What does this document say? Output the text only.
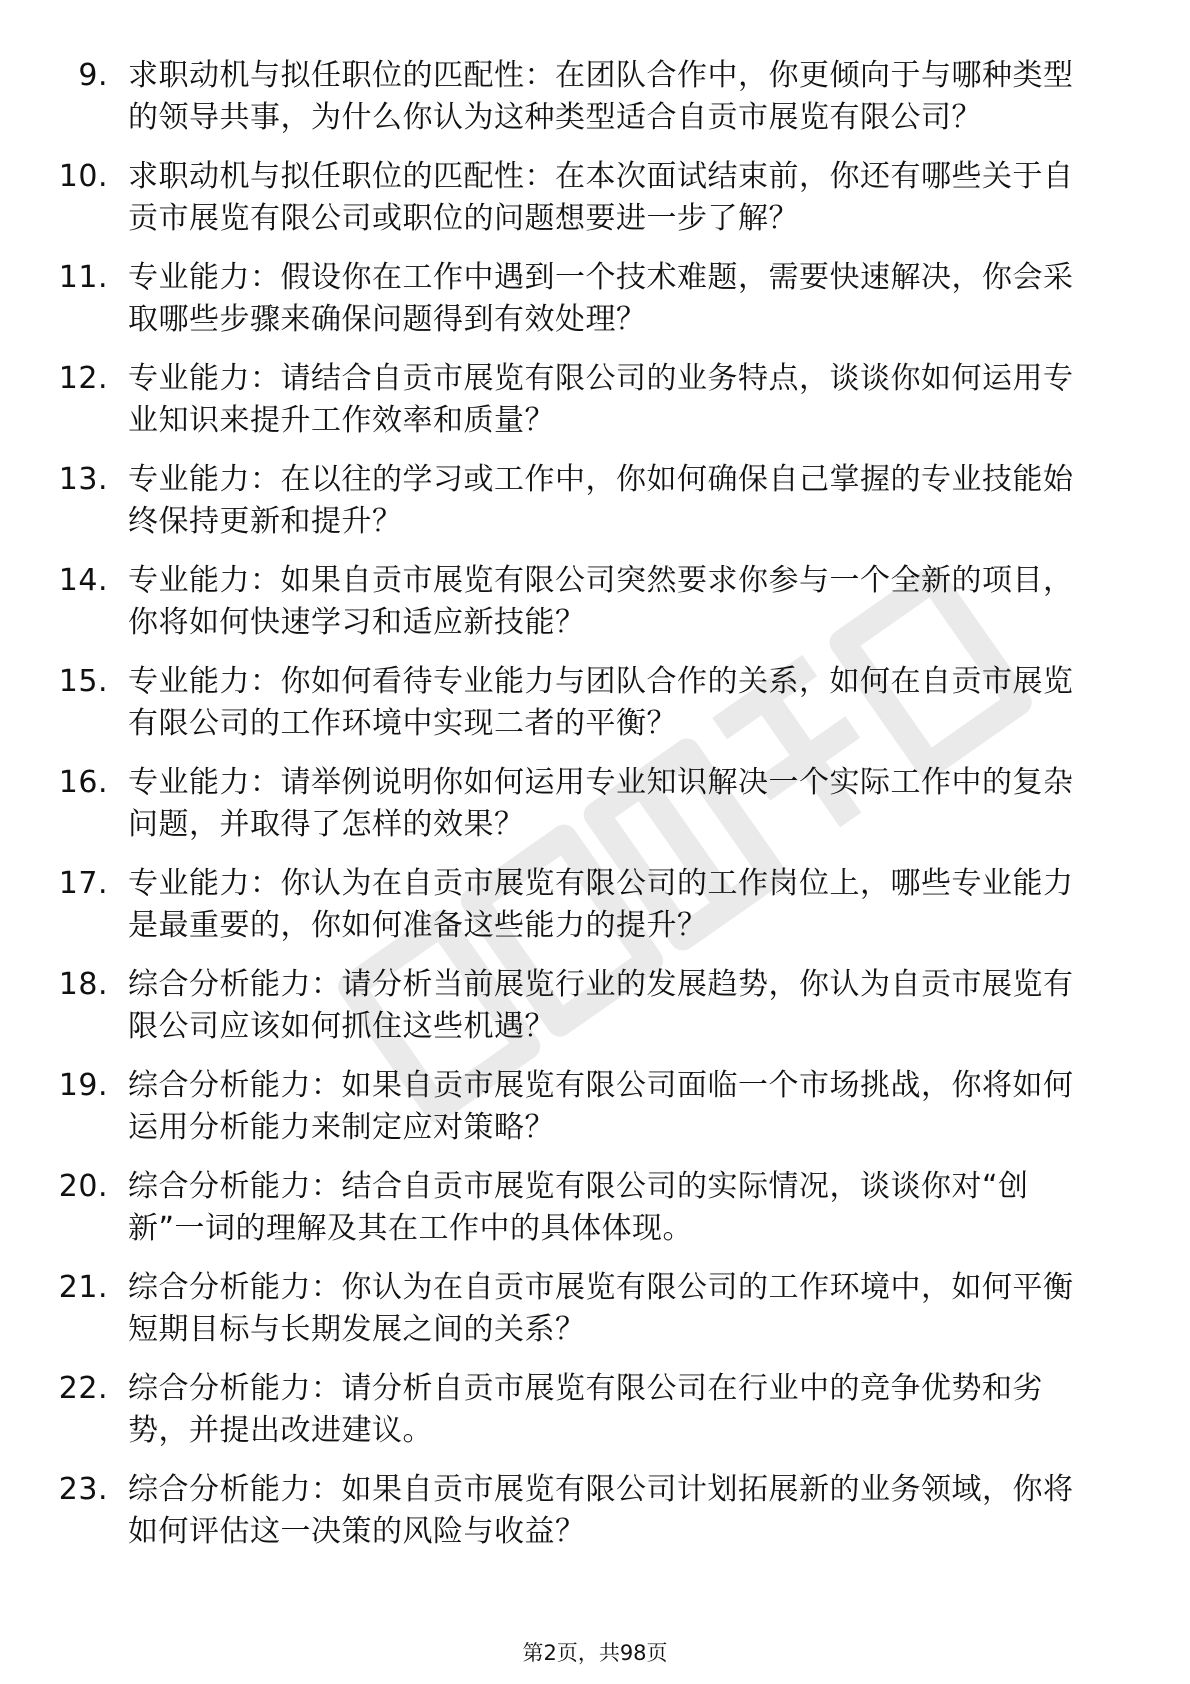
9. 求职动机与拟任职位的匹配性：在团队合作中，你更倾向于与哪种类型的领导共事，为什么你认为这种类型适合自贡市展览有限公司？
10. 求职动机与拟任职位的匹配性：在本次面试结束前，你还有哪些关于自贡市展览有限公司或职位的问题想要进一步了解？
11. 专业能力：假设你在工作中遇到一个技术难题，需要快速解决，你会采取哪些步骤来确保问题得到有效处理？
12. 专业能力：请结合自贡市展览有限公司的业务特点，谈谈你如何运用专业知识来提升工作效率和质量？
13. 专业能力：在以往的学习或工作中，你如何确保自己掌握的专业技能始终保持更新和提升？
14. 专业能力：如果自贡市展览有限公司突然要求你参与一个全新的项目，你将如何快速学习和适应新技能？
15. 专业能力：你如何看待专业能力与团队合作的关系，如何在自贡市展览有限公司的工作环境中实现二者的平衡？
16. 专业能力：请举例说明你如何运用专业知识解决一个实际工作中的复杂问题，并取得了怎样的效果？
17. 专业能力：你认为在自贡市展览有限公司的工作岗位上，哪些专业能力是最重要的，你如何准备这些能力的提升？
18. 综合分析能力：请分析当前展览行业的发展趋势，你认为自贡市展览有限公司应该如何抓住这些机遇？
19. 综合分析能力：如果自贡市展览有限公司面临一个市场挑战，你将如何运用分析能力来制定应对策略？
20. 综合分析能力：结合自贡市展览有限公司的实际情况，谈谈你对“创新”一词的理解及其在工作中的具体体现。
21. 综合分析能力：你认为在自贡市展览有限公司的工作环境中，如何平衡短期目标与长期发展之间的关系？
22. 综合分析能力：请分析自贡市展览有限公司在行业中的竞争优势和劣势，并提出改进建议。
23. 综合分析能力：如果自贡市展览有限公司计划拓展新的业务领域，你将如何评估这一决策的风险与收益？
第2页，共98页
